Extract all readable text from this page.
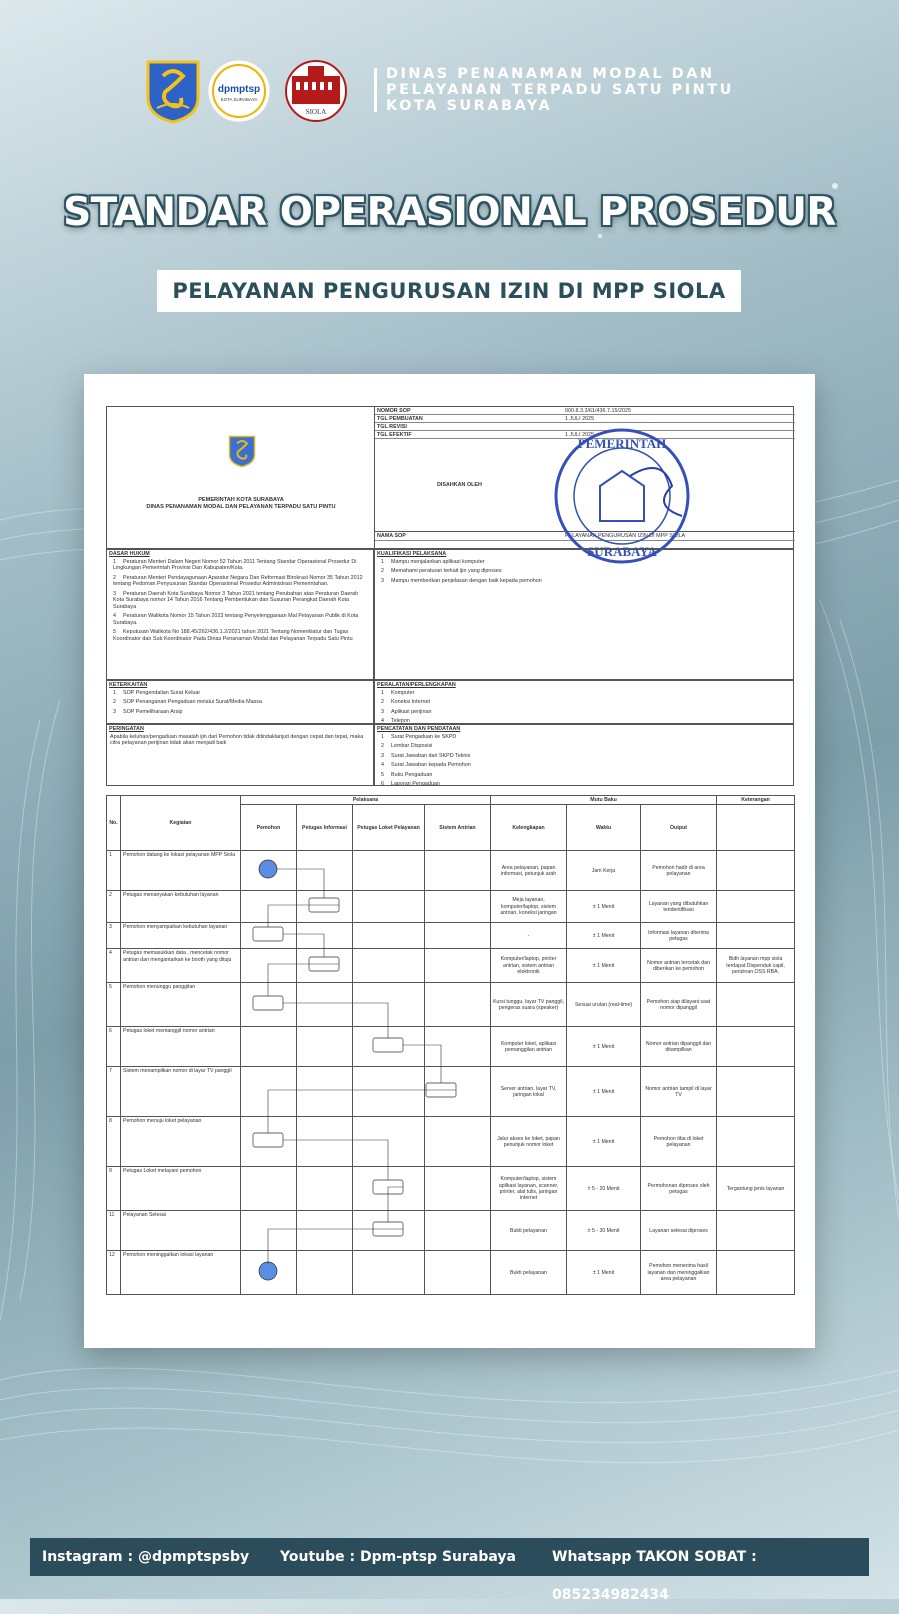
dpmptsp
KOTA SURABAYA
SIOLA
DINAS PENANAMAN MODAL DAN
PELAYANAN TERPADU SATU PINTU
KOTA SURABAYA
STANDAR OPERASIONAL PROSEDUR
PELAYANAN PENGURUSAN IZIN DI MPP SIOLA
PEMERINTAH KOTA SURABAYA
DINAS PENANAMAN MODAL DAN PELAYANAN TERPADU SATU PINTU
NOMOR SOP	000.8.3.3/61/436.7.15/2025
TGL PEMBUATAN	1 JULI 2025
TGL REVISI
TGL EFEKTIF	1 JULI 2025
DISAHKAN OLEH
NAMA SOP	PELAYANAN PENGURUSAN IZIN DI MPP SIOLA
PEMERINTAH
SURABAYA
DASAR HUKUM
1 Peraturan Menteri Dalam Negeri Nomor 52 Tahun 2011 Tentang Standar Operasional Prosedur Di Lingkungan Pemerintah Provinsi Dan Kabupaten/Kota.
2 Peraturan Menteri Pendayagunaan Aparatur Negara Dan Reformasi Birokrasi Nomor 35 Tahun 2012 tentang Pedoman Penyusunan Standar Operasional Prosedur Administrasi Pemerintahan.
3 Peraturan Daerah Kota Surabaya Nomor 3 Tahun 2021 tentang Perubahan atas Peraturan Daerah Kota Surabaya nomor 14 Tahun 2016 Tentang Pembentukan dan Susunan Perangkat Daerah Kota Surabaya
4 Peraturan Walikota Nomor 15 Tahun 2023 tentang Penyelenggaraan Mal Pelayanan Publik di Kota Surabaya.
5 Keputusan Walikota No 188.45/262/436.1.2/2021 tahun 2021 Tentang Nomenklatur dan Tugas Koordinator dan Sub Koordinator Pada Dinas Penanaman Modal dan Pelayanan Terpadu Satu Pintu
KUALIFIKASI PELAKSANA
1 Mampu menjalankan aplikasi komputer
2 Memahami peraturan terkait ijin yang diproses
3 Mampu memberikan penjelasan dengan baik kepada pemohon
KETERKAITAN
1 SOP Pengendalian Surat Keluar
2 SOP Penanganan Pengaduan melalui Surat/Media Massa
3 SOP Pemeliharaan Arsip
PERALATAN/PERLENGKAPAN
1 Komputer
2 Koneksi Internet
3 Aplikasi perijinan
4 Telepon
PERINGATAN
Apabila keluhan/pengaduan masalah ijin dari Pemohon tidak ditindaklanjuti dengan cepat dan tepat, maka citra pelayanan perijinan tidak akan menjadi baik
PENCATATAN DAN PENDATAAN
1 Surat Pengaduan ke SKPD
2 Lembar Disposisi
3 Surat Jawaban dari SKPD Teknis
4 Surat Jawaban kepada Pemohon
5 Buku Pengaduan
6 Laporan Pengaduan
No.	Kegiatan	Pelaksana				Mutu Baku			Keterangan
		Pemohon	Petugas Informasi	Petugas Loket Pelayanan	Sistem Antrian	Kelengkapan	Waktu	Output	
1	Pemohon datang ke lokasi pelayanan MPP Siola					Area pelayanan, papan informasi, petunjuk arah	Jam Kerja	Pemohon hadir di area pelayanan	
2	Petugas menanyakan kebutuhan layanan					Meja layanan, komputer/laptop, sistem antrian, koneksi jaringan	± 1 Menit	Layanan yang dibutuhkan teridentifikasi	
3	Pemohon menyampaikan kebutuhan layanan					-	± 1 Menit	Informasi layanan diterima petugas	
4	Petugas memasukkan data , mencetak nomor antrian dan mengantarkan ke booth yang dituju					Komputer/laptop, printer antrian, sistem antrian elektronik	± 1 Menit	Nomor antrian tercetak dan diberikan ke pemohon	Bidh layanan mpp siola terdapat Dispenduk capil, perizinan OSS RBA.
5	Pemohon menunggu panggilan					Kursi tunggu, layar TV panggil, pengeras suara (speaker)	Sesuai urutan (real-time)	Pemohon siap dilayani saat nomor dipanggil	
6	Petugas loket memanggil nomor antrian					Komputer loket, aplikasi pemanggilan antrian	± 1 Menit	Nomor antrian dipanggil dan ditampilkan	
7	Sistem menampilkan nomor di layar TV panggil					Server antrian, layar TV, jaringan lokal	± 1 Menit	Nomor antrian tampil di layar TV	
8	Pemohon menuju loket pelayanan					Jalur akses ke loket, papan penunjuk nomor loket	± 1 Menit	Pemohon tiba di loket pelayanan	
9	Petugas Loket melayani pemohon					Komputer/laptop, sistem aplikasi layanan, scanner, printer, alat tulis, jaringan internet	± 5 - 20 Menit	Permohonan diproses oleh petugas	Tergantung jenis layanan
11	Pelayanan Selesai					Bukti pelayanan	± 5 - 30 Menit	Layanan selesai diproses	
12	Pemohon meninggalkan lokasi layanan					Bukti pelayanan	± 1 Menit	Pemohon menerima hasil layanan dan meninggalkan area pelayanan	
Instagram : @dpmptspsby Youtube : Dpm-ptsp Surabaya	Whatsapp TAKON SOBAT : 085234982434
